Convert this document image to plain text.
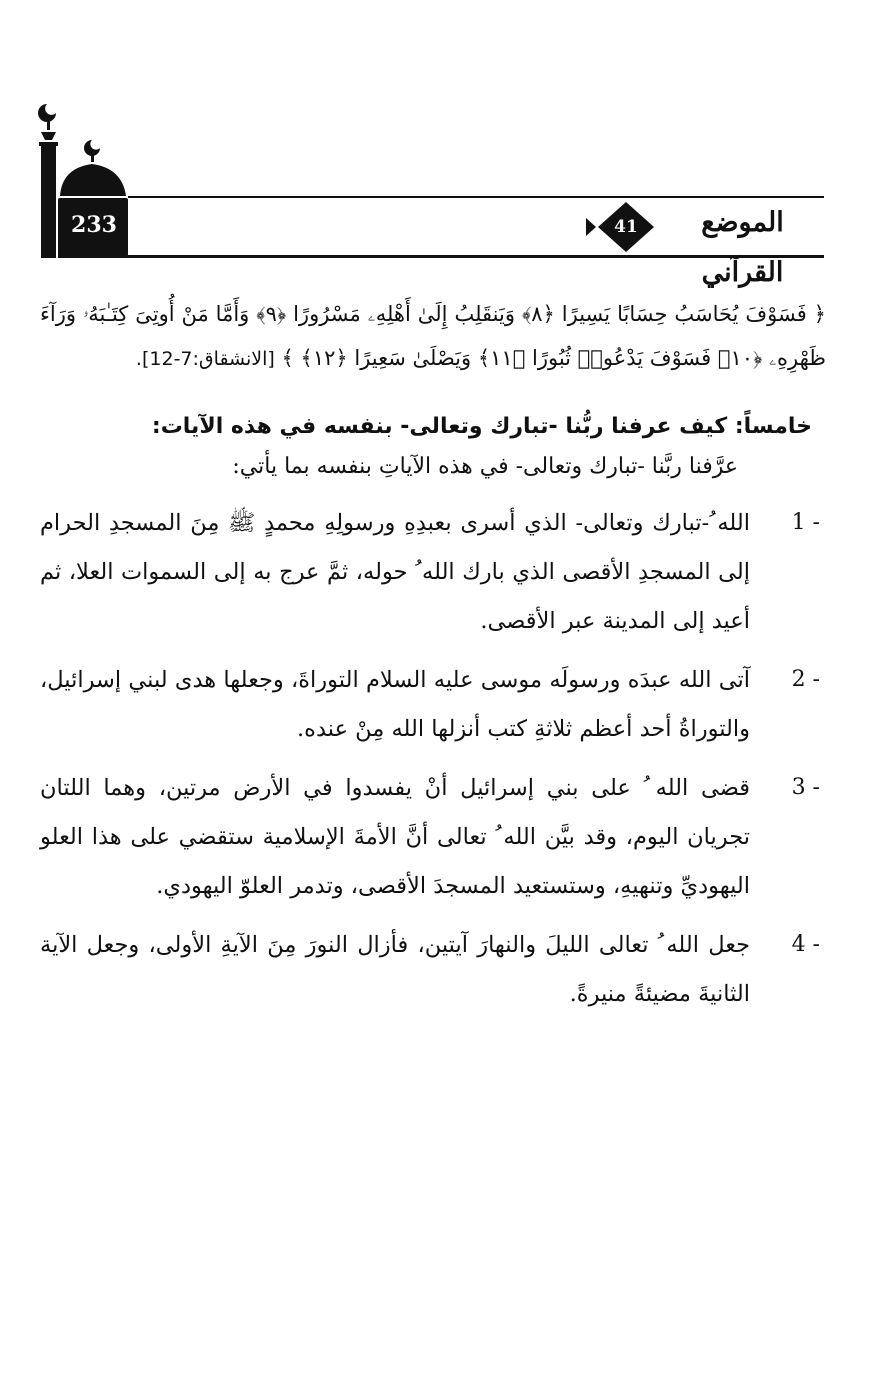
233	41	الموضع القرآني

﴿ فَسَوْفَ يُحَاسَبُ حِسَابًا يَسِيرًا ﴿٨﴾ وَيَنقَلِبُ إِلَىٰ أَهْلِهِۦ مَسْرُورًا ﴿٩﴾ وَأَمَّا مَنْ أُوتِىَ كِتَـٰبَهُۥ وَرَآءَ ظَهْرِهِۦ ﴿١٠﴾ فَسَوْفَ يَدْعُوا۟ ثُبُورًا ﴿١١﴾ وَيَصْلَىٰ سَعِيرًا ﴿١٢﴾ ﴾ [الانشقاق:7-12].

خامساً: كيف عرفنا ربُّنا -تبارك وتعالى- بنفسه في هذه الآيات:

عرَّفنا ربَّنا -تبارك وتعالى- في هذه الآياتِ بنفسه بما يأتي:

1 -
الله ُ-تبارك وتعالى- الذي أسرى بعبدِهِ ورسولِهِ محمدٍ ﷺ مِنَ المسجدِ الحرام إلى المسجدِ الأقصى الذي بارك الله ُ حوله، ثمَّ عرج به إلى السموات العلا، ثم أعيد إلى المدينة عبر الأقصى.
2 -
آتى الله عبدَه ورسولَه موسى عليه السلام التوراةَ، وجعلها هدى لبني إسرائيل، والتوراةُ أحد أعظم ثلاثةِ كتب أنزلها الله مِنْ عنده.
3 -
قضى الله ُ على بني إسرائيل أنْ يفسدوا في الأرض مرتين، وهما اللتان تجريان اليوم، وقد بيَّن الله ُ تعالى أنَّ الأمةَ الإسلامية ستقضي على هذا العلو اليهوديِّ وتنهيهِ، وستستعيد المسجدَ الأقصى، وتدمر العلوّ اليهودي.
4 -
جعل الله ُ تعالى الليلَ والنهارَ آيتين، فأزال النورَ مِنَ الآيةِ الأولى، وجعل الآية الثانيةَ مضيئةً منيرةً.
